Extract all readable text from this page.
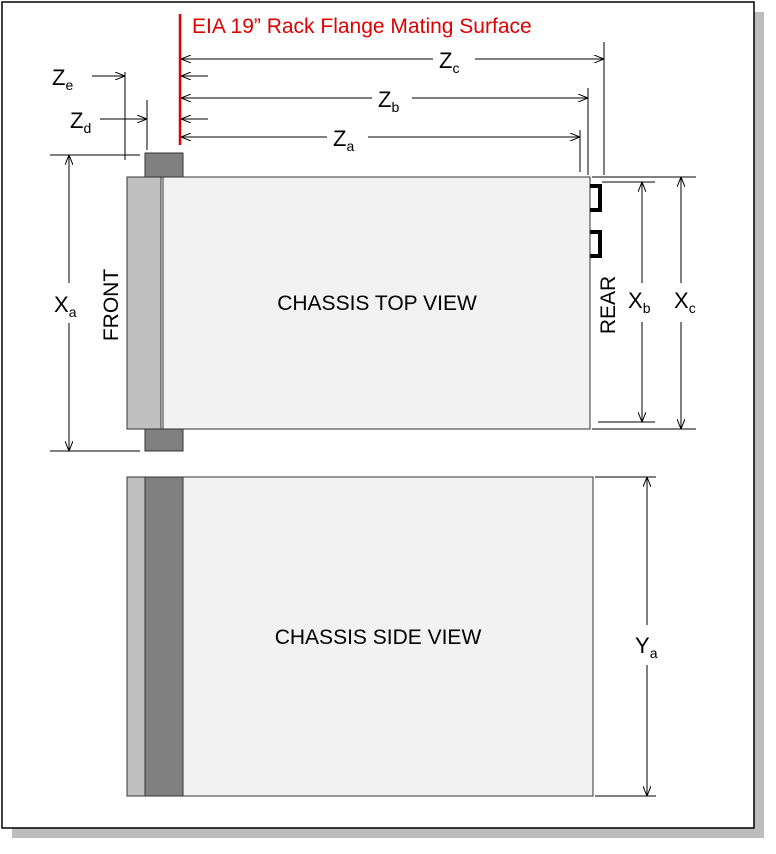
CHASSIS TOP VIEW
FRONT	REAR
EIA 19” Rack Flange Mating Surface
$Z_e$
$Z_d$
$Z_c$
$Z_b$
$Z_a$
$X_a$	$X_b$ $X_c$
CHASSIS SIDE VIEW	$Y_a$
